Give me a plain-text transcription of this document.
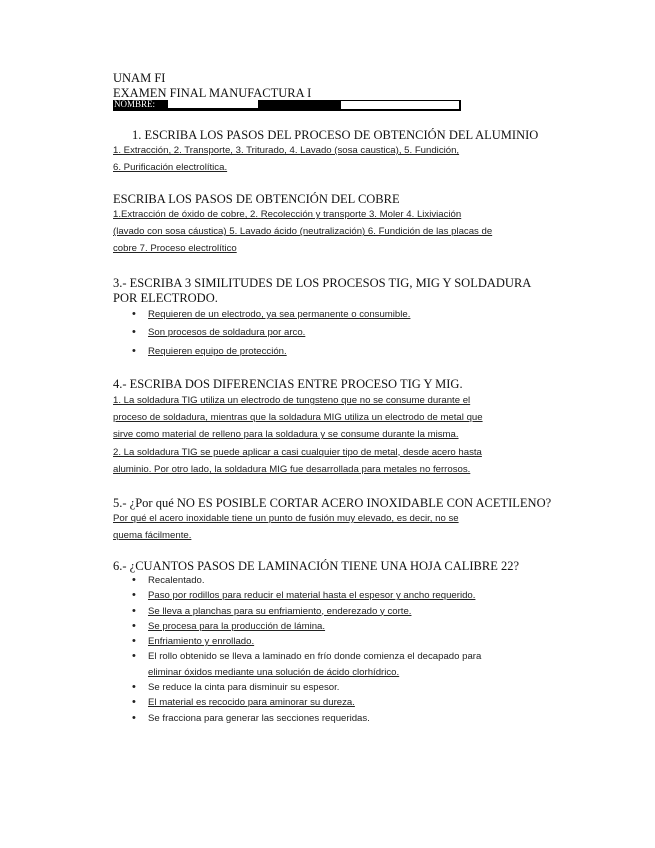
UNAM FI
EXAMEN FINAL MANUFACTURA I
NOMBRE:
1. ESCRIBA LOS PASOS DEL PROCESO DE OBTENCIÓN DEL ALUMINIO
1. Extracción, 2. Transporte, 3. Triturado, 4. Lavado (sosa caustica), 5. Fundición,
6. Purificación electrolítica.
ESCRIBA LOS PASOS DE OBTENCIÓN DEL COBRE
1.Extracción de óxido de cobre, 2. Recolección y transporte 3. Moler 4. Lixiviación
(lavado con sosa cáustica) 5. Lavado ácido (neutralización) 6. Fundición de las placas de
cobre 7. Proceso electrolítico
3.- ESCRIBA 3 SIMILITUDES DE LOS PROCESOS TIG, MIG Y SOLDADURA POR ELECTRODO.
• Requieren de un electrodo, ya sea permanente o consumible.
• Son procesos de soldadura por arco.
• Requieren equipo de protección.
4.- ESCRIBA DOS DIFERENCIAS ENTRE PROCESO TIG Y MIG.
1. La soldadura TIG utiliza un electrodo de tungsteno que no se consume durante el
proceso de soldadura, mientras que la soldadura MIG utiliza un electrodo de metal que
sirve como material de relleno para la soldadura y se consume durante la misma.
2. La soldadura TIG se puede aplicar a casi cualquier tipo de metal, desde acero hasta
aluminio. Por otro lado, la soldadura MIG fue desarrollada para metales no ferrosos.
5.- ¿Por qué NO ES POSIBLE CORTAR ACERO INOXIDABLE CON ACETILENO?
Por qué el acero inoxidable tiene un punto de fusión muy elevado, es decir, no se
quema fácilmente.
6.- ¿CUANTOS PASOS DE LAMINACIÓN TIENE UNA HOJA CALIBRE 22?
• Recalentado.
• Paso por rodillos para reducir el material hasta el espesor y ancho requerido.
• Se lleva a planchas para su enfriamiento, enderezado y corte.
• Se procesa para la producción de lámina.
• Enfriamiento y enrollado.
• El rollo obtenido se lleva a laminado en frío donde comienza el decapado para
eliminar óxidos mediante una solución de ácido clorhídrico.
• Se reduce la cinta para disminuir su espesor.
• El material es recocido para aminorar su dureza.
• Se fracciona para generar las secciones requeridas.
